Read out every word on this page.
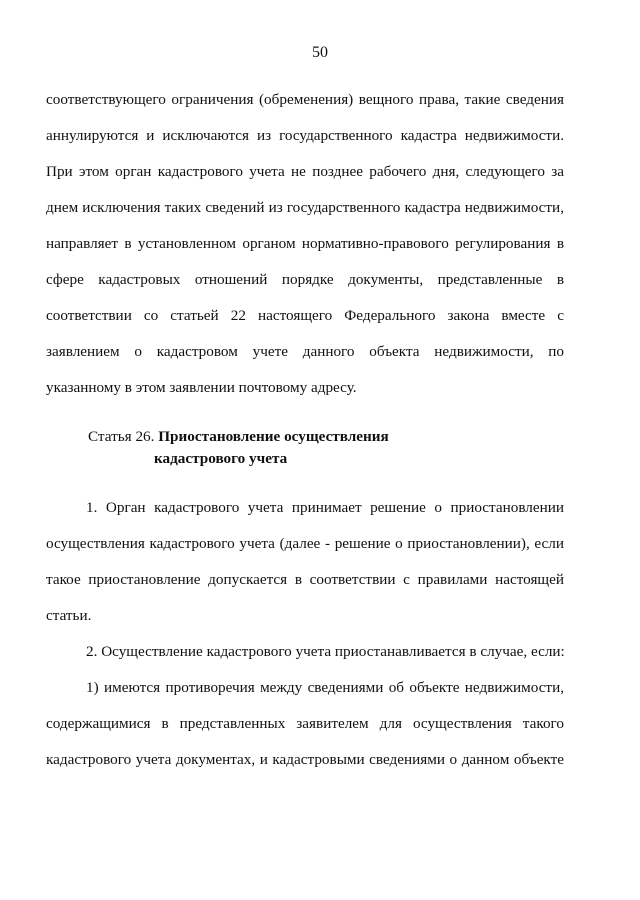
50
соответствующего ограничения (обременения) вещного права, такие сведения
аннулируются и исключаются из государственного кадастра недвижимости.
При этом орган кадастрового учета не позднее рабочего дня, следующего за
днем исключения таких сведений из государственного кадастра недвижимости,
направляет в установленном органом нормативно-правового регулирования в
сфере кадастровых отношений порядке документы, представленные в
соответствии со статьей 22 настоящего Федерального закона вместе с
заявлением о кадастровом учете данного объекта недвижимости, по
указанному в этом заявлении почтовому адресу.
Статья 26. Приостановление осуществления
кадастрового учета
1. Орган кадастрового учета принимает решение о приостановлении
осуществления кадастрового учета (далее - решение о приостановлении), если
такое приостановление допускается в соответствии с правилами настоящей
статьи.
2. Осуществление кадастрового учета приостанавливается в случае, если:
1) имеются противоречия между сведениями об объекте недвижимости,
содержащимися в представленных заявителем для осуществления такого
кадастрового учета документах, и кадастровыми сведениями о данном объекте
